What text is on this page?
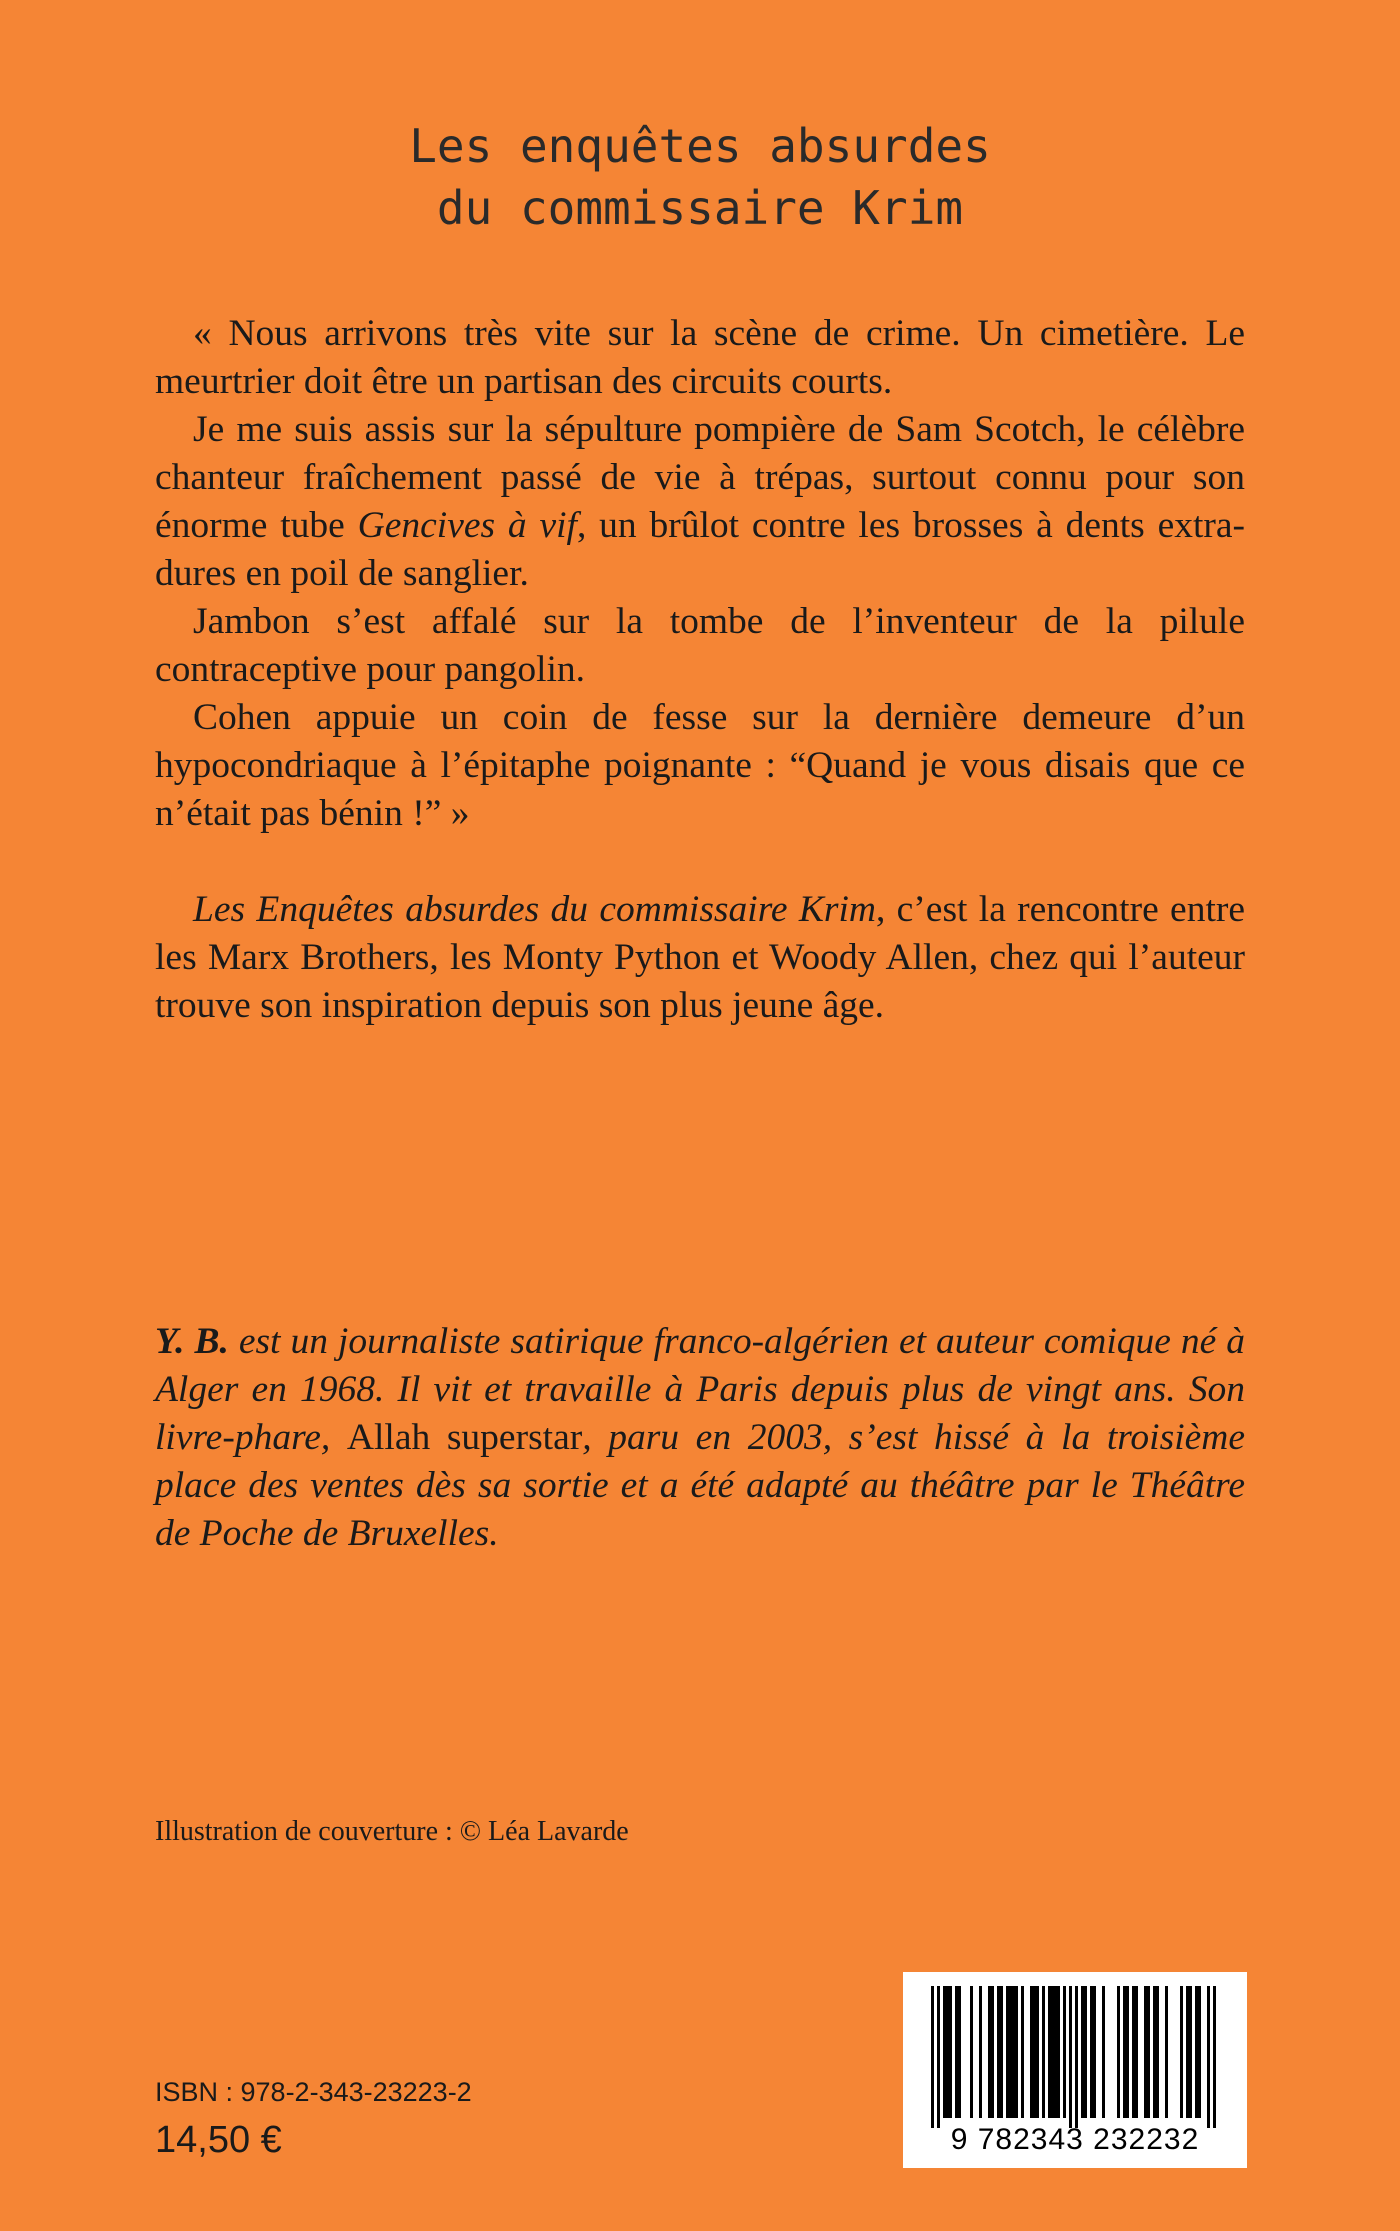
Les enquêtes absurdes
du commissaire Krim

« Nous arrivons très vite sur la scène de crime. Un cimetière. Le meurtrier doit être un partisan des circuits courts.

Je me suis assis sur la sépulture pompière de Sam Scotch, le célèbre chanteur fraîchement passé de vie à trépas, surtout connu pour son énorme tube Gencives à vif, un brûlot contre les brosses à dents extra-dures en poil de sanglier.

Jambon s’est affalé sur la tombe de l’inventeur de la pilule contraceptive pour pangolin.

Cohen appuie un coin de fesse sur la dernière demeure d’un hypocondriaque à l’épitaphe poignante : “Quand je vous disais que ce n’était pas bénin !” »

Les Enquêtes absurdes du commissaire Krim, c’est la rencontre entre les Marx Brothers, les Monty Python et Woody Allen, chez qui l’auteur trouve son inspiration depuis son plus jeune âge.

Y. B. est un journaliste satirique franco-algérien et auteur comique né à Alger en 1968. Il vit et travaille à Paris depuis plus de vingt ans. Son livre-phare, Allah superstar, paru en 2003, s’est hissé à la troisième place des ventes dès sa sortie et a été adapté au théâtre par le Théâtre de Poche de Bruxelles.
Illustration de couverture : © Léa Lavarde
ISBN : 978-2-343-23223-2
14,50 €	9 782343 232232
